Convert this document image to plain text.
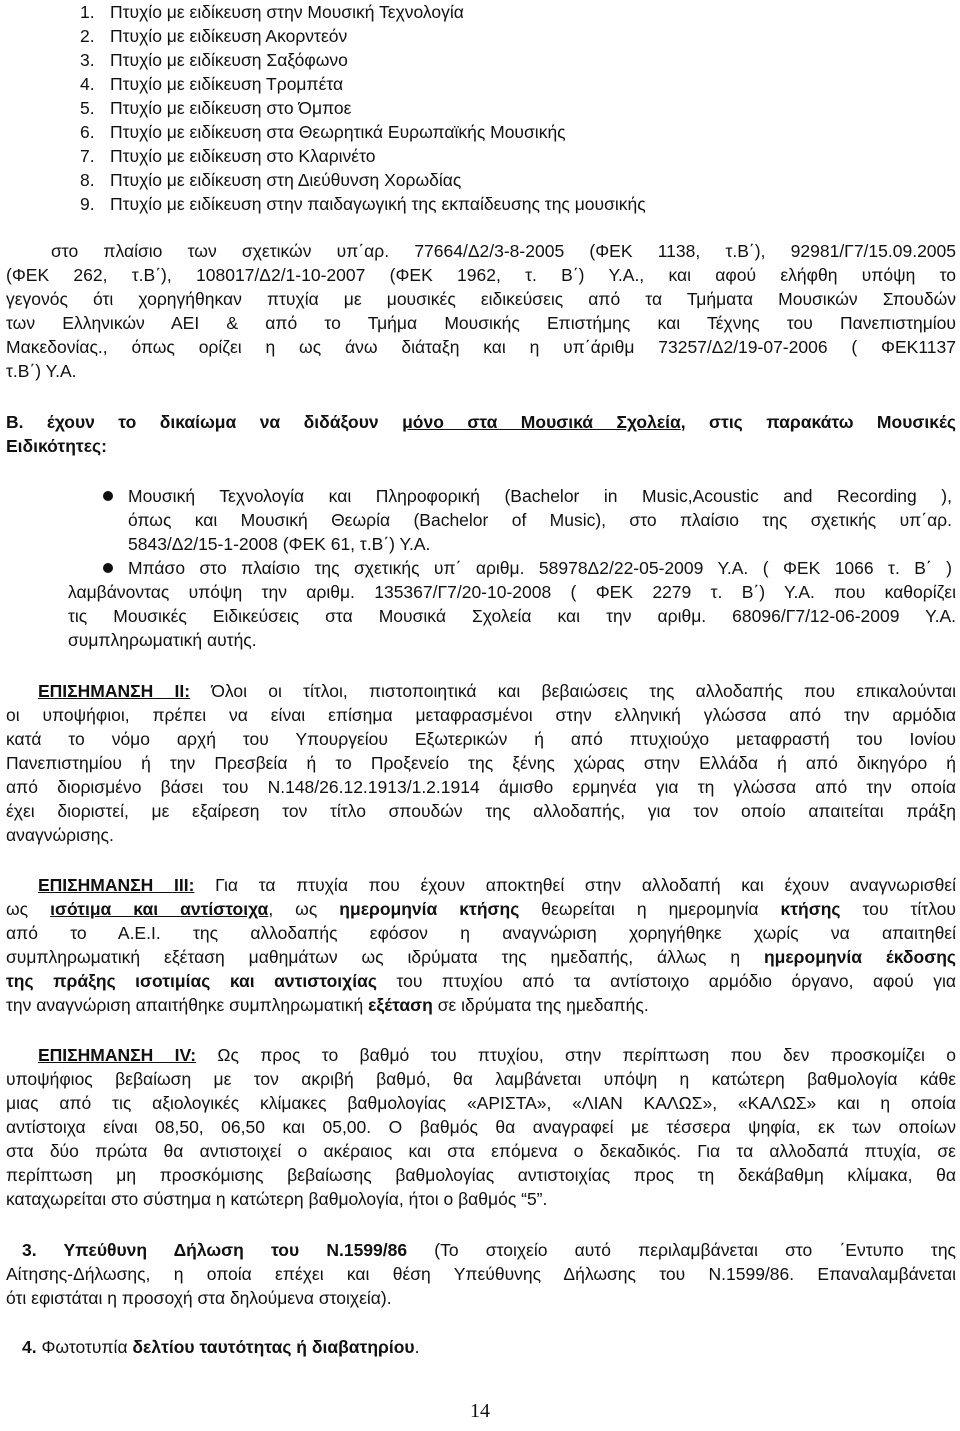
1. Πτυχίο με ειδίκευση στην Μουσική Τεχνολογία
2. Πτυχίο με ειδίκευση Ακορντεόν
3. Πτυχίο με ειδίκευση Σαξόφωνο
4. Πτυχίο με ειδίκευση Τρομπέτα
5. Πτυχίο με ειδίκευση στο Όμποε
6. Πτυχίο με ειδίκευση στα Θεωρητικά Ευρωπαϊκής Μουσικής
7. Πτυχίο με ειδίκευση στο Κλαρινέτο
8. Πτυχίο με ειδίκευση στη Διεύθυνση Χορωδίας
9. Πτυχίο με ειδίκευση στην παιδαγωγική της εκπαίδευσης της μουσικής
στο πλαίσιο των σχετικών υπ΄αρ. 77664/Δ2/3-8-2005 (ΦΕΚ 1138, τ.Β΄), 92981/Γ7/15.09.2005
(ΦΕΚ 262, τ.Β΄), 108017/Δ2/1-10-2007 (ΦΕΚ 1962, τ. Β΄) Υ.Α., και αφού ελήφθη υπόψη το
γεγονός ότι χορηγήθηκαν πτυχία με μουσικές ειδικεύσεις από τα Τμήματα Μουσικών Σπουδών
των Ελληνικών ΑΕΙ & από το Τμήμα Μουσικής Επιστήμης και Τέχνης του Πανεπιστημίου
Μακεδονίας., όπως ορίζει η ως άνω διάταξη και η υπ΄άριθμ 73257/Δ2/19-07-2006 ( ΦΕΚ1137
τ.Β΄) Υ.Α.
Β. έχουν το δικαίωμα να διδάξουν μόνο στα Μουσικά Σχολεία, στις παρακάτω Μουσικές
Ειδικότητες:
Μουσική Τεχνολογία και Πληροφορική (Bachelor in Music,Acoustic and Recording ),
όπως και Μουσική Θεωρία (Bachelor of Music), στο πλαίσιο της σχετικής υπ΄αρ.
5843/Δ2/15-1-2008 (ΦΕΚ 61, τ.Β΄) Υ.Α.
Μπάσο στο πλαίσιο της σχετικής υπ΄ αριθμ. 58978Δ2/22-05-2009 Υ.Α. ( ΦΕΚ 1066 τ. Β΄ )
λαμβάνοντας υπόψη την αριθμ. 135367/Γ7/20-10-2008 ( ΦΕΚ 2279 τ. Β΄) Υ.Α. που καθορίζει
τις Μουσικές Ειδικεύσεις στα Μουσικά Σχολεία και την αριθμ. 68096/Γ7/12-06-2009 Υ.Α.
συμπληρωματική αυτής.
ΕΠΙΣΗΜΑΝΣΗ ΙΙ: Όλοι οι τίτλοι, πιστοποιητικά και βεβαιώσεις της αλλοδαπής που επικαλούνται
οι υποψήφιοι, πρέπει να είναι επίσημα μεταφρασμένοι στην ελληνική γλώσσα από την αρμόδια
κατά το νόμο αρχή του Υπουργείου Εξωτερικών ή από πτυχιούχο μεταφραστή του Ιονίου
Πανεπιστημίου ή την Πρεσβεία ή το Προξενείο της ξένης χώρας στην Ελλάδα ή από δικηγόρο ή
από διορισμένο βάσει του Ν.148/26.12.1913/1.2.1914 άμισθο ερμηνέα για τη γλώσσα από την οποία
έχει διοριστεί, με εξαίρεση τον τίτλο σπουδών της αλλοδαπής, για τον οποίο απαιτείται πράξη
αναγνώρισης.
ΕΠΙΣΗΜΑΝΣΗ ΙΙΙ: Για τα πτυχία που έχουν αποκτηθεί στην αλλοδαπή και έχουν αναγνωρισθεί
ως ισότιμα και αντίστοιχα, ως ημερομηνία κτήσης θεωρείται η ημερομηνία κτήσης του τίτλου
από το Α.Ε.Ι. της αλλοδαπής εφόσον η αναγνώριση χορηγήθηκε χωρίς να απαιτηθεί
συμπληρωματική εξέταση μαθημάτων ως ιδρύματα της ημεδαπής, άλλως η ημερομηνία έκδοσης
της πράξης ισοτιμίας και αντιστοιχίας του πτυχίου από τα αντίστοιχο αρμόδιο όργανο, αφού για
την αναγνώριση απαιτήθηκε συμπληρωματική εξέταση σε ιδρύματα της ημεδαπής.
ΕΠΙΣΗΜΑΝΣΗ IV: Ως προς το βαθμό του πτυχίου, στην περίπτωση που δεν προσκομίζει ο
υποψήφιος βεβαίωση με τον ακριβή βαθμό, θα λαμβάνεται υπόψη η κατώτερη βαθμολογία κάθε
μιας από τις αξιολογικές κλίμακες βαθμολογίας «ΑΡΙΣΤΑ», «ΛΙΑΝ ΚΑΛΩΣ», «ΚΑΛΩΣ» και η οποία
αντίστοιχα είναι 08,50, 06,50 και 05,00. Ο βαθμός θα αναγραφεί με τέσσερα ψηφία, εκ των οποίων
στα δύο πρώτα θα αντιστοιχεί ο ακέραιος και στα επόμενα ο δεκαδικός. Για τα αλλοδαπά πτυχία, σε
περίπτωση μη προσκόμισης βεβαίωσης βαθμολογίας αντιστοιχίας προς τη δεκάβαθμη κλίμακα, θα
καταχωρείται στο σύστημα η κατώτερη βαθμολογία, ήτοι ο βαθμός “5”.
3. Υπεύθυνη Δήλωση του Ν.1599/86 (Το στοιχείο αυτό περιλαμβάνεται στο ΄Εντυπο της
Αίτησης-Δήλωσης, η οποία επέχει και θέση Υπεύθυνης Δήλωσης του Ν.1599/86. Επαναλαμβάνεται
ότι εφιστάται η προσοχή στα δηλούμενα στοιχεία).
4. Φωτοτυπία δελτίου ταυτότητας ή διαβατηρίου.
14
